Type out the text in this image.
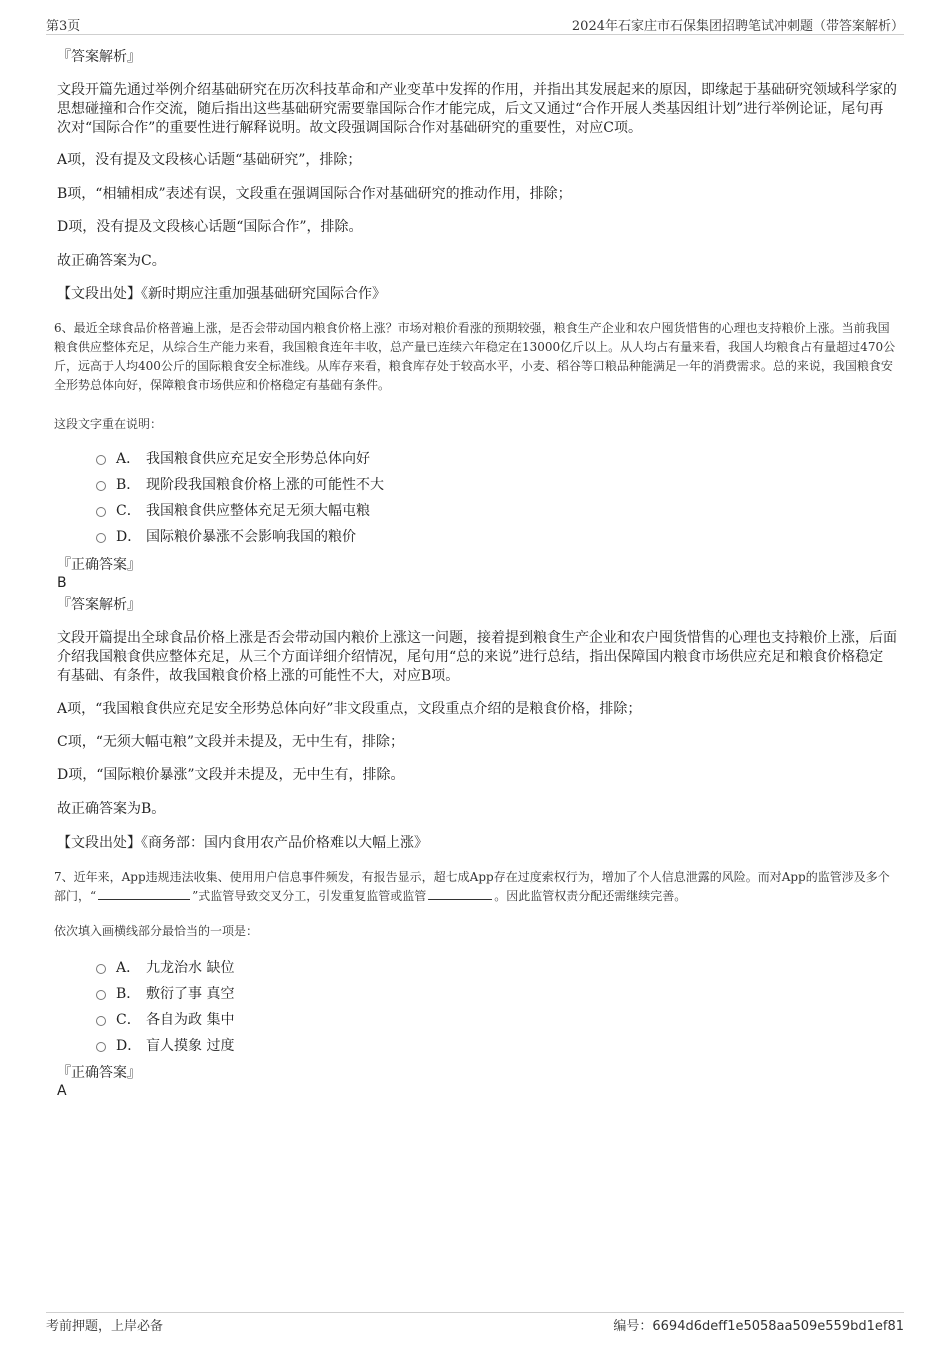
第3页	2024年石家庄市石保集团招聘笔试冲刺题（带答案解析）
『答案解析』
文段开篇先通过举例介绍基础研究在历次科技革命和产业变革中发挥的作用，并指出其发展起来的原因，即缘起于基础研究领域科学家的思想碰撞和合作交流，随后指出这些基础研究需要靠国际合作才能完成，后文又通过“合作开展人类基因组计划”进行举例论证，尾句再次对“国际合作”的重要性进行解释说明。故文段强调国际合作对基础研究的重要性，对应C项。
A项，没有提及文段核心话题“基础研究”，排除；
B项，“相辅相成”表述有误，文段重在强调国际合作对基础研究的推动作用，排除；
D项，没有提及文段核心话题“国际合作”，排除。
故正确答案为C。
【文段出处】《新时期应注重加强基础研究国际合作》
6、最近全球食品价格普遍上涨，是否会带动国内粮食价格上涨？市场对粮价看涨的预期较强，粮食生产企业和农户囤货惜售的心理也支持粮价上涨。当前我国粮食供应整体充足，从综合生产能力来看，我国粮食连年丰收，总产量已连续六年稳定在13000亿斤以上。从人均占有量来看，我国人均粮食占有量超过470公斤，远高于人均400公斤的国际粮食安全标准线。从库存来看，粮食库存处于较高水平，小麦、稻谷等口粮品种能满足一年的消费需求。总的来说，我国粮食安全形势总体向好，保障粮食市场供应和价格稳定有基础有条件。
这段文字重在说明：
A． 我国粮食供应充足安全形势总体向好
B． 现阶段我国粮食价格上涨的可能性不大
C． 我国粮食供应整体充足无须大幅屯粮
D． 国际粮价暴涨不会影响我国的粮价
『正确答案』
B
『答案解析』
文段开篇提出全球食品价格上涨是否会带动国内粮价上涨这一问题，接着提到粮食生产企业和农户囤货惜售的心理也支持粮价上涨，后面介绍我国粮食供应整体充足，从三个方面详细介绍情况，尾句用“总的来说”进行总结，指出保障国内粮食市场供应充足和粮食价格稳定有基础、有条件，故我国粮食价格上涨的可能性不大，对应B项。
A项，“我国粮食供应充足安全形势总体向好”非文段重点，文段重点介绍的是粮食价格，排除；
C项，“无须大幅屯粮”文段并未提及，无中生有，排除；
D项，“国际粮价暴涨”文段并未提及，无中生有，排除。
故正确答案为B。
【文段出处】《商务部：国内食用农产品价格难以大幅上涨》
7、近年来，App违规违法收集、使用用户信息事件频发，有报告显示，超七成App存在过度索权行为，增加了个人信息泄露的风险。而对App的监管涉及多个部门，“	”式监管导致交叉分工，引发重复监管或监管	。因此监管权责分配还需继续完善。
依次填入画横线部分最恰当的一项是：
A． 九龙治水 缺位
B． 敷衍了事 真空
C． 各自为政 集中
D． 盲人摸象 过度
『正确答案』
A
考前押题，上岸必备	编号：6694d6deff1e5058aa509e559bd1ef81
